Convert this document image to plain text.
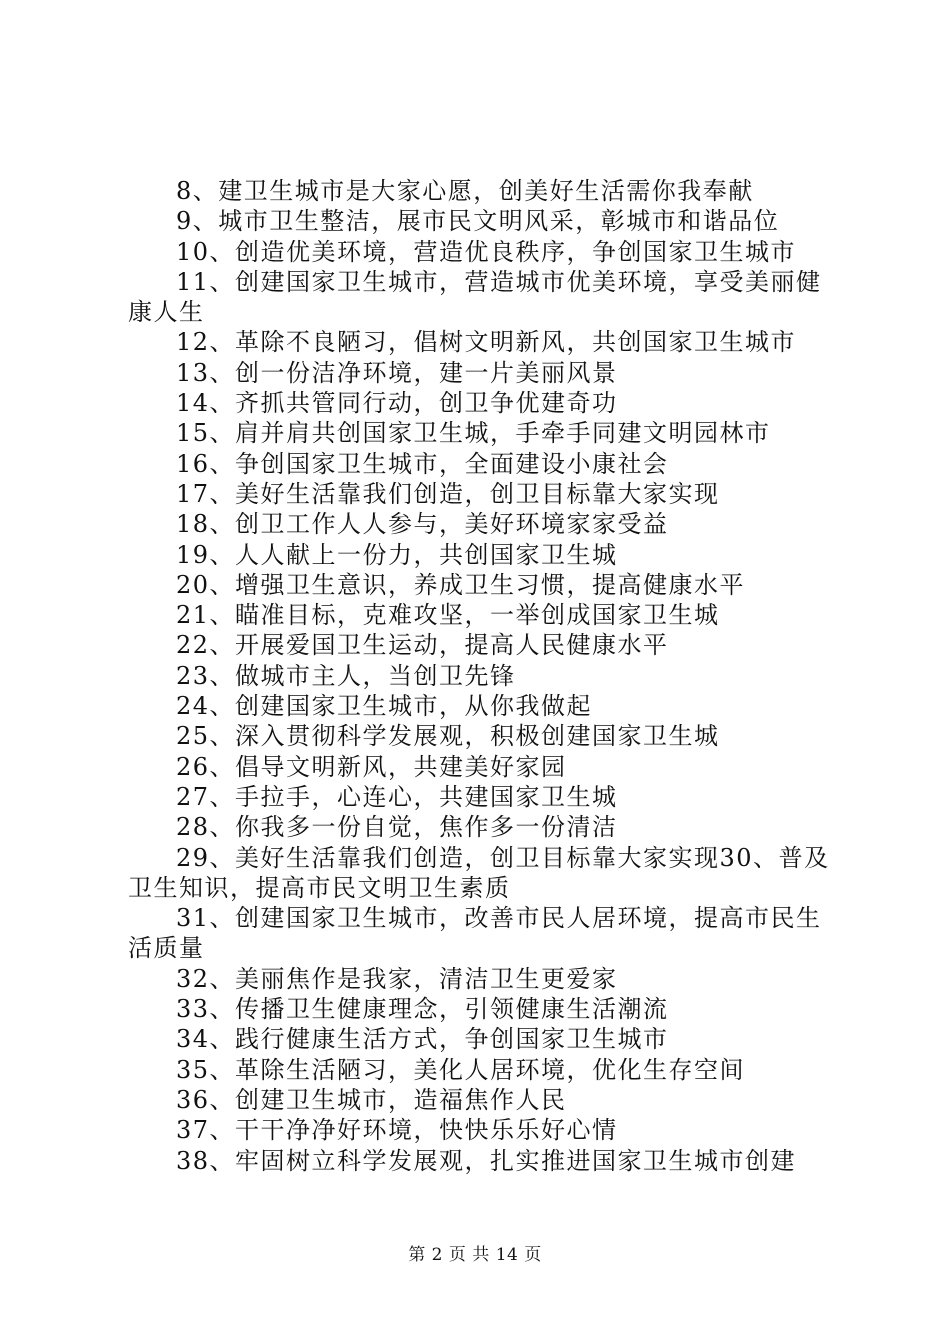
8、建卫生城市是大家心愿，创美好生活需你我奉献

9、城市卫生整洁，展市民文明风采，彰城市和谐品位

10、创造优美环境，营造优良秩序，争创国家卫生城市

11、创建国家卫生城市，营造城市优美环境，享受美丽健康人生

12、革除不良陋习，倡树文明新风，共创国家卫生城市

13、创一份洁净环境，建一片美丽风景

14、齐抓共管同行动，创卫争优建奇功

15、肩并肩共创国家卫生城，手牵手同建文明园林市

16、争创国家卫生城市，全面建设小康社会

17、美好生活靠我们创造，创卫目标靠大家实现

18、创卫工作人人参与，美好环境家家受益

19、人人献上一份力，共创国家卫生城

20、增强卫生意识，养成卫生习惯，提高健康水平

21、瞄准目标，克难攻坚，一举创成国家卫生城

22、开展爱国卫生运动，提高人民健康水平

23、做城市主人，当创卫先锋

24、创建国家卫生城市，从你我做起

25、深入贯彻科学发展观，积极创建国家卫生城

26、倡导文明新风，共建美好家园

27、手拉手，心连心，共建国家卫生城

28、你我多一份自觉，焦作多一份清洁

29、美好生活靠我们创造，创卫目标靠大家实现30、普及卫生知识，提高市民文明卫生素质

31、创建国家卫生城市，改善市民人居环境，提高市民生活质量

32、美丽焦作是我家，清洁卫生更爱家

33、传播卫生健康理念，引领健康生活潮流

34、践行健康生活方式，争创国家卫生城市

35、革除生活陋习，美化人居环境，优化生存空间

36、创建卫生城市，造福焦作人民

37、干干净净好环境，快快乐乐好心情

38、牢固树立科学发展观，扎实推进国家卫生城市创建

第 2 页 共 14 页
